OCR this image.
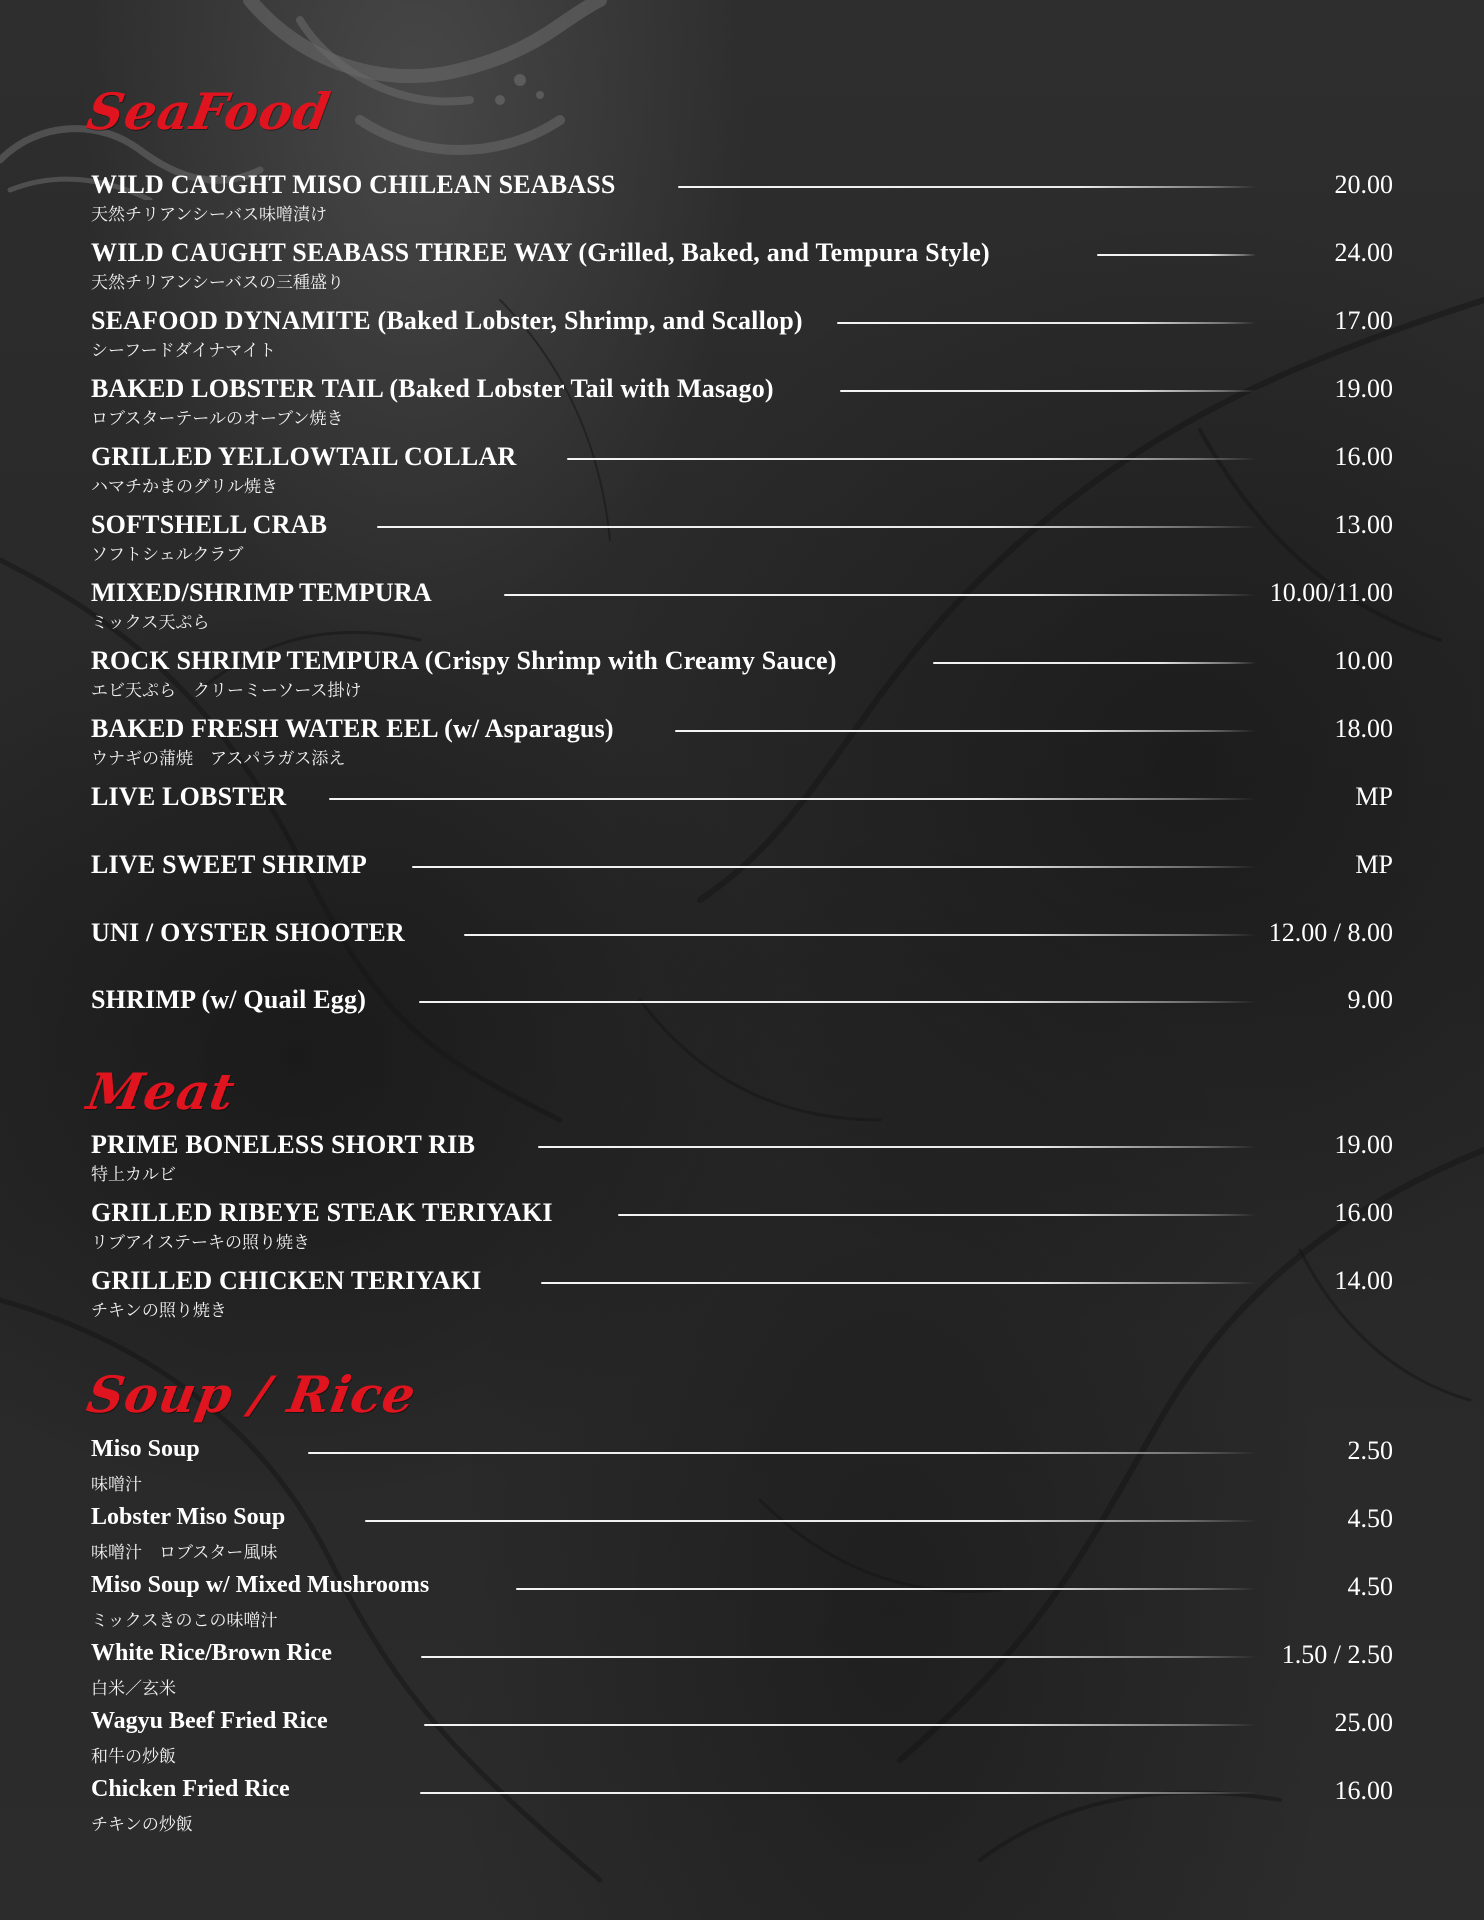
SeaFood
WILD CAUGHT MISO CHILEAN SEABASS
天然チリアンシーバス味噌漬け
20.00
WILD CAUGHT SEABASS THREE WAY (Grilled, Baked, and Tempura Style)
天然チリアンシーバスの三種盛り
24.00
SEAFOOD DYNAMITE (Baked Lobster, Shrimp, and Scallop)
シーフードダイナマイト
17.00
BAKED LOBSTER TAIL (Baked Lobster Tail with Masago)
ロブスターテールのオーブン焼き
19.00
GRILLED YELLOWTAIL COLLAR
ハマチかまのグリル焼き
16.00
SOFTSHELL CRAB
ソフトシェルクラブ
13.00
MIXED/SHRIMP TEMPURA
ミックス天ぷら
10.00/11.00
ROCK SHRIMP TEMPURA (Crispy Shrimp with Creamy Sauce)
エビ天ぷら　クリーミーソース掛け
10.00
BAKED FRESH WATER EEL (w/ Asparagus)
ウナギの蒲焼　アスパラガス添え
18.00
LIVE LOBSTER	MP
LIVE SWEET SHRIMP	MP
UNI / OYSTER SHOOTER	12.00 / 8.00
SHRIMP (w/ Quail Egg)	9.00
Meat
PRIME BONELESS SHORT RIB
特上カルビ
19.00
GRILLED RIBEYE STEAK TERIYAKI
リブアイステーキの照り焼き
16.00
GRILLED CHICKEN TERIYAKI
チキンの照り焼き
14.00
Soup / Rice
Miso Soup
味噌汁
2.50
Lobster Miso Soup
味噌汁　ロブスター風味
4.50
Miso Soup w/ Mixed Mushrooms
ミックスきのこの味噌汁
4.50
White Rice/Brown Rice
白米／玄米
1.50 / 2.50
Wagyu Beef Fried Rice
和牛の炒飯
25.00
Chicken Fried Rice
チキンの炒飯
16.00
